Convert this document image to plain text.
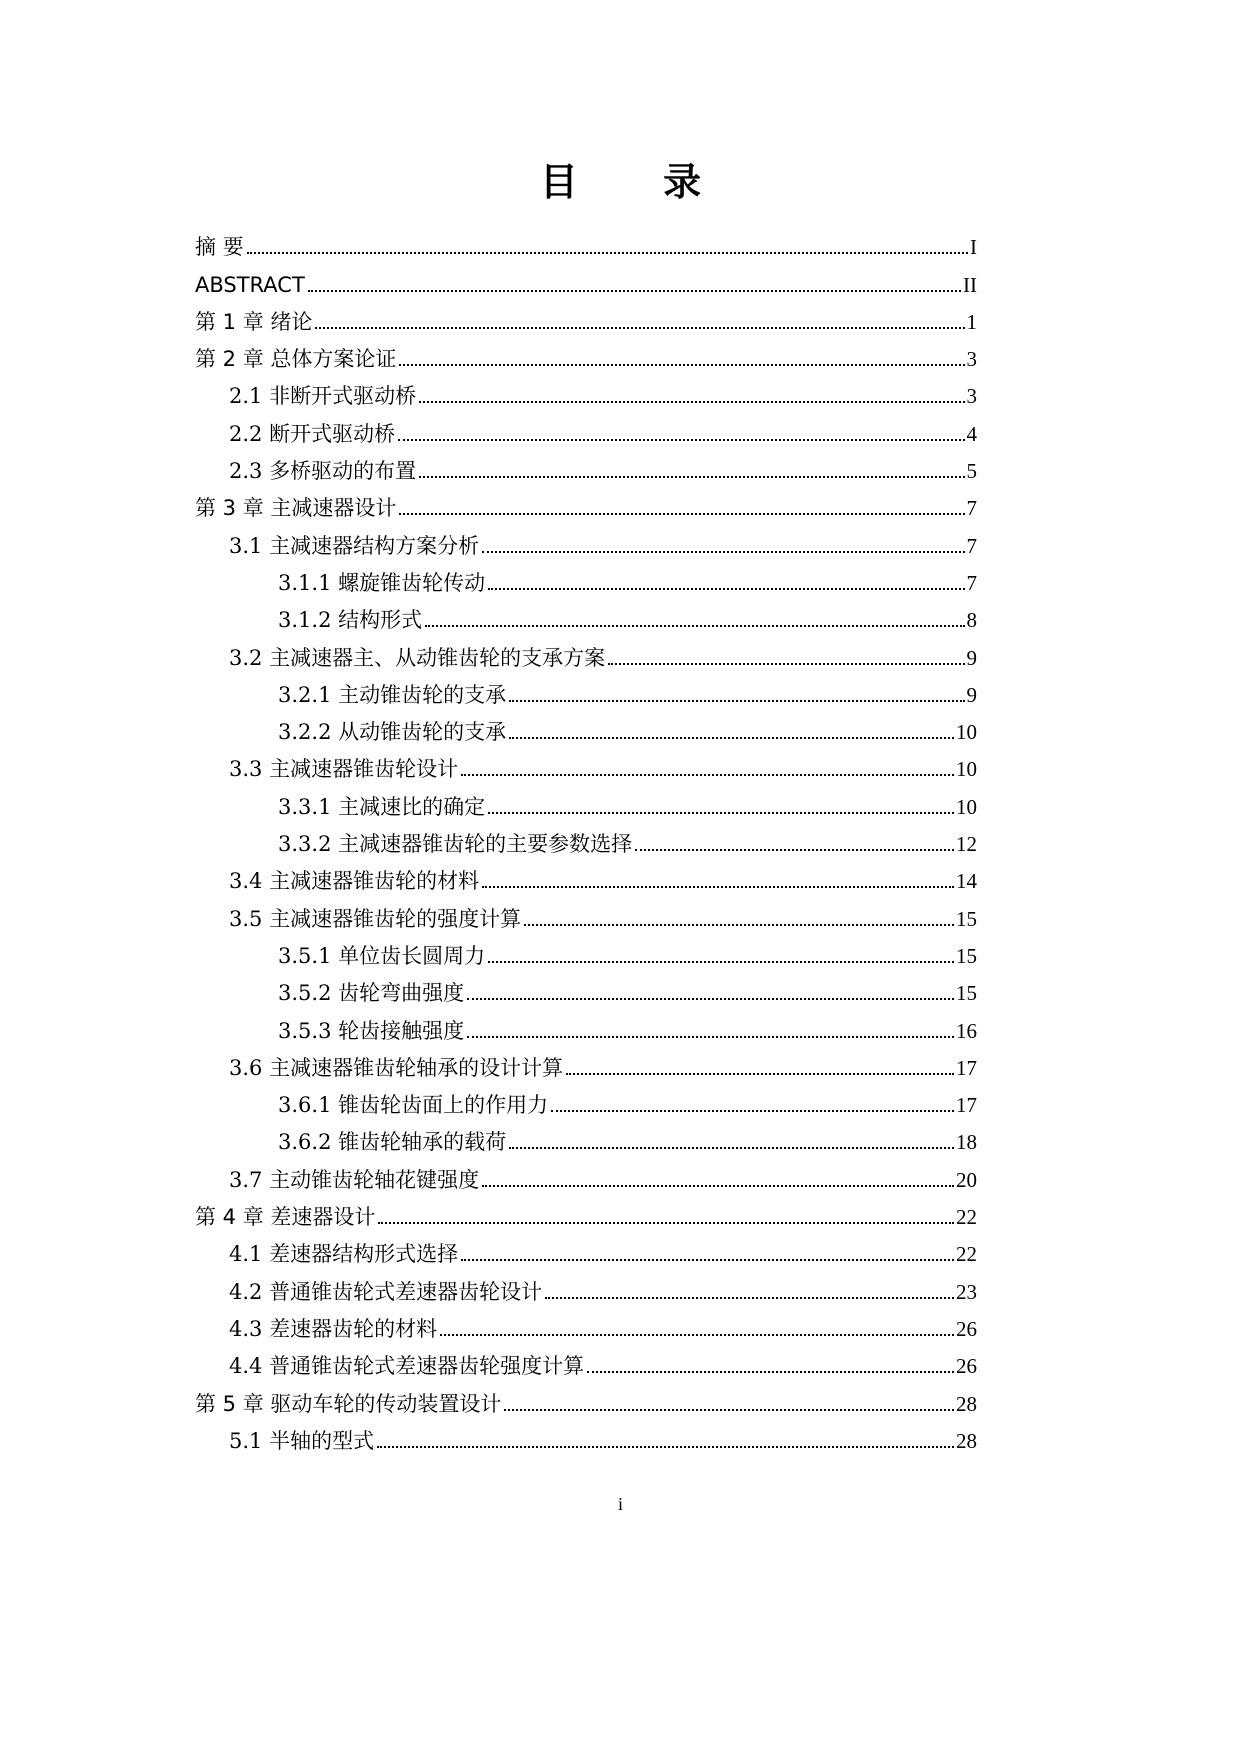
目 录
摘 要	I
ABSTRACT	II
第 1 章 绪论	1
第 2 章 总体方案论证	3
2.1 非断开式驱动桥	3
2.2 断开式驱动桥	4
2.3 多桥驱动的布置	5
第 3 章 主减速器设计	7
3.1 主减速器结构方案分析	7
3.1.1 螺旋锥齿轮传动	7
3.1.2 结构形式	8
3.2 主减速器主、从动锥齿轮的支承方案	9
3.2.1 主动锥齿轮的支承	9
3.2.2 从动锥齿轮的支承	10
3.3 主减速器锥齿轮设计	10
3.3.1 主减速比的确定	10
3.3.2 主减速器锥齿轮的主要参数选择	12
3.4 主减速器锥齿轮的材料	14
3.5 主减速器锥齿轮的强度计算	15
3.5.1 单位齿长圆周力	15
3.5.2 齿轮弯曲强度	15
3.5.3 轮齿接触强度	16
3.6 主减速器锥齿轮轴承的设计计算	17
3.6.1 锥齿轮齿面上的作用力	17
3.6.2 锥齿轮轴承的载荷	18
3.7 主动锥齿轮轴花键强度	20
第 4 章 差速器设计	22
4.1 差速器结构形式选择	22
4.2 普通锥齿轮式差速器齿轮设计	23
4.3 差速器齿轮的材料	26
4.4 普通锥齿轮式差速器齿轮强度计算	26
第 5 章 驱动车轮的传动装置设计	28
5.1 半轴的型式	28
i
